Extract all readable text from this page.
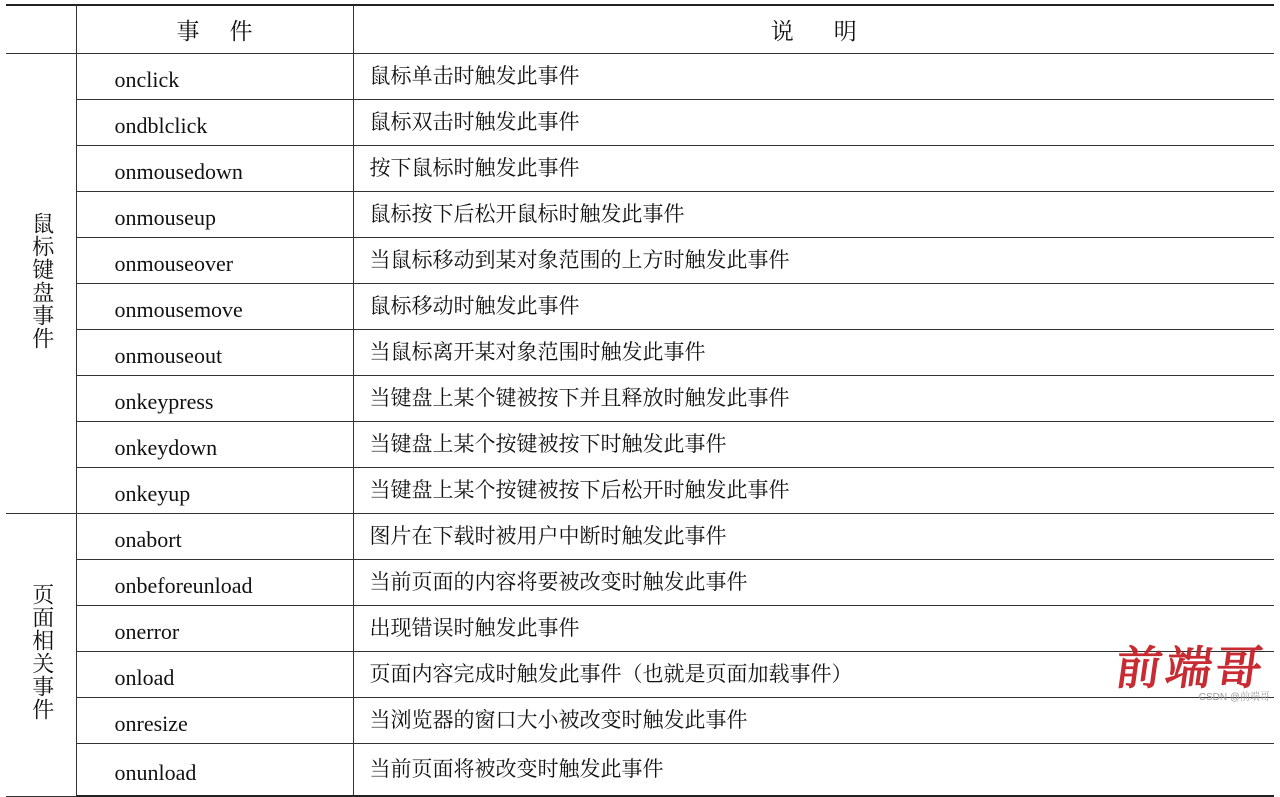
	事件	说明
鼠标键盘事件	onclick	鼠标单击时触发此事件
	ondblclick	鼠标双击时触发此事件
	onmousedown	按下鼠标时触发此事件
	onmouseup	鼠标按下后松开鼠标时触发此事件
	onmouseover	当鼠标移动到某对象范围的上方时触发此事件
	onmousemove	鼠标移动时触发此事件
	onmouseout	当鼠标离开某对象范围时触发此事件
	onkeypress	当键盘上某个键被按下并且释放时触发此事件
	onkeydown	当键盘上某个按键被按下时触发此事件
	onkeyup	当键盘上某个按键被按下后松开时触发此事件
页面相关事件	onabort	图片在下载时被用户中断时触发此事件
	onbeforeunload	当前页面的内容将要被改变时触发此事件
	onerror	出现错误时触发此事件
	onload	页面内容完成时触发此事件（也就是页面加载事件）
	onresize	当浏览器的窗口大小被改变时触发此事件
	onunload	当前页面将被改变时触发此事件
前端哥
CSDN @前端哥
